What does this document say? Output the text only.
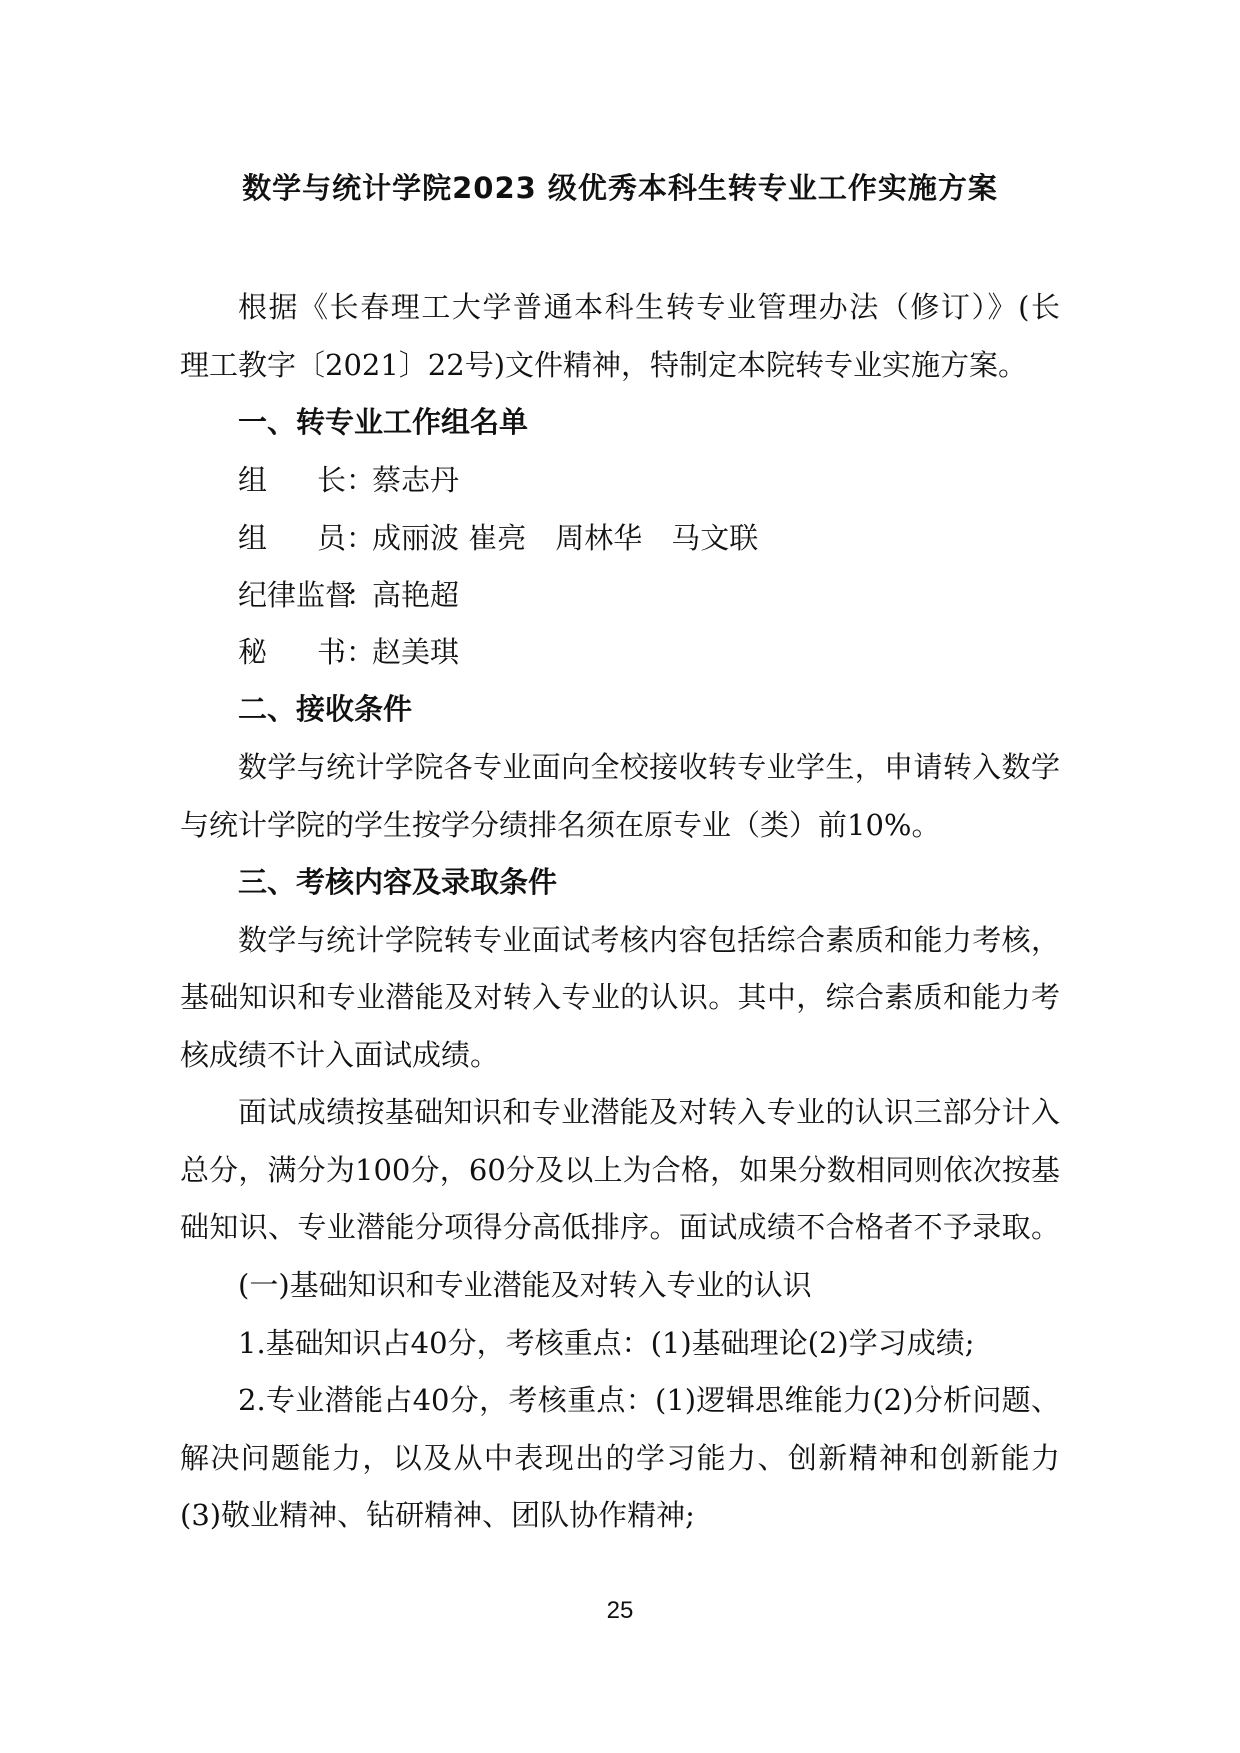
数学与统计学院2023 级优秀本科生转专业工作实施方案
根据《长春理工大学普通本科生转专业管理办法（修订）》(长
理工教字〔2021〕22号)文件精神，特制定本院转专业实施方案。
一、转专业工作组名单
组长：蔡志丹
组员：成丽波 崔亮　周林华　马文联
纪律监督：高艳超
秘书：赵美琪
二、接收条件
数学与统计学院各专业面向全校接收转专业学生，申请转入数学
与统计学院的学生按学分绩排名须在原专业（类）前10%。
三、考核内容及录取条件
数学与统计学院转专业面试考核内容包括综合素质和能力考核，
基础知识和专业潜能及对转入专业的认识。其中，综合素质和能力考
核成绩不计入面试成绩。
面试成绩按基础知识和专业潜能及对转入专业的认识三部分计入
总分，满分为100分，60分及以上为合格，如果分数相同则依次按基
础知识、专业潜能分项得分高低排序。面试成绩不合格者不予录取。
(一)基础知识和专业潜能及对转入专业的认识
1.基础知识占40分，考核重点：(1)基础理论(2)学习成绩;
2.专业潜能占40分，考核重点：(1)逻辑思维能力(2)分析问题、
解决问题能力，以及从中表现出的学习能力、创新精神和创新能力
(3)敬业精神、钻研精神、团队协作精神;
25
